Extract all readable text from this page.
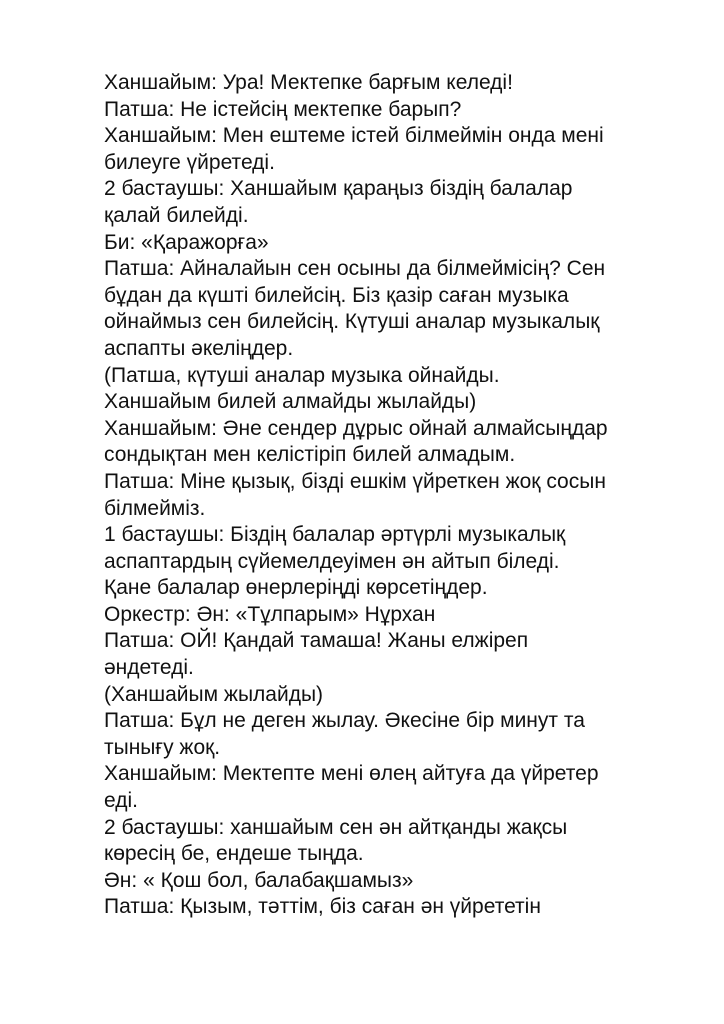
Ханшайым: Ура! Мектепке барғым келеді!
Патша: Не істейсің мектепке барып?
Ханшайым: Мен ештеме істей білмеймін онда мені
билеуге үйретеді.
2 бастаушы: Ханшайым қараңыз біздің балалар
қалай билейді.
Би: «Қаражорға»
Патша: Айналайын сен осыны да білмеймісің? Сен
бұдан да күшті билейсің. Біз қазір саған музыка
ойнаймыз сен билейсің. Күтуші аналар музыкалық
аспапты әкеліңдер.
(Патша, күтуші аналар музыка ойнайды.
Ханшайым билей алмайды жылайды)
Ханшайым: Әне сендер дұрыс ойнай алмайсыңдар
сондықтан мен келістіріп билей алмадым.
Патша: Міне қызық, бізді ешкім үйреткен жоқ сосын
білмейміз.
1 бастаушы: Біздің балалар әртүрлі музыкалық
аспаптардың сүйемелдеуімен ән айтып біледі.
Қане балалар өнерлеріңді көрсетіңдер.
Оркестр: Ән: «Тұлпарым» Нұрхан
Патша: ОЙ! Қандай тамаша! Жаны елжіреп
әндетеді.
(Ханшайым жылайды)
Патша: Бұл не деген жылау. Әкесіне бір минут та
тынығу жоқ.
Ханшайым: Мектепте мені өлең айтуға да үйретер
еді.
2 бастаушы: ханшайым сен ән айтқанды жақсы
көресің бе, ендеше тыңда.
Ән: « Қош бол, балабақшамыз»
Патша: Қызым, тәттім, біз саған ән үйрететін
